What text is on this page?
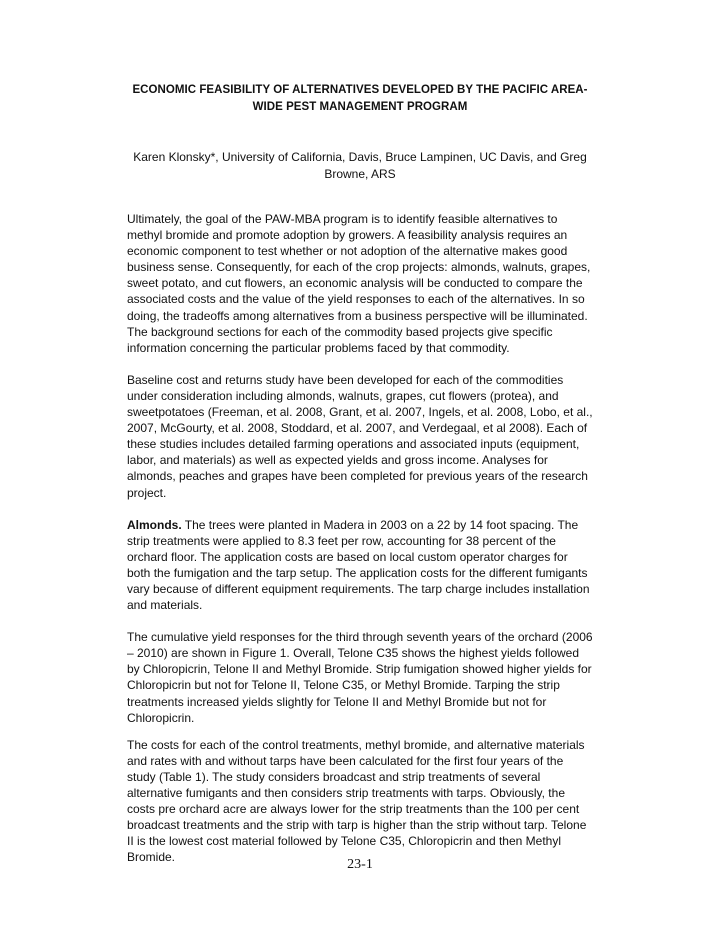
ECONOMIC FEASIBILITY OF ALTERNATIVES DEVELOPED BY THE PACIFIC AREA-WIDE PEST MANAGEMENT PROGRAM
Karen Klonsky*, University of California, Davis, Bruce Lampinen, UC Davis, and Greg Browne, ARS

Ultimately, the goal of the PAW-MBA program is to identify feasible alternatives to methyl bromide and promote adoption by growers. A feasibility analysis requires an economic component to test whether or not adoption of the alternative makes good business sense. Consequently, for each of the crop projects: almonds, walnuts, grapes, sweet potato, and cut flowers, an economic analysis will be conducted to compare the associated costs and the value of the yield responses to each of the alternatives. In so doing, the tradeoffs among alternatives from a business perspective will be illuminated. The background sections for each of the commodity based projects give specific information concerning the particular problems faced by that commodity.

Baseline cost and returns study have been developed for each of the commodities under consideration including almonds, walnuts, grapes, cut flowers (protea), and sweetpotatoes (Freeman, et al. 2008, Grant, et al. 2007, Ingels, et al. 2008, Lobo, et al., 2007, McGourty, et al. 2008, Stoddard, et al. 2007, and Verdegaal, et al 2008). Each of these studies includes detailed farming operations and associated inputs (equipment, labor, and materials) as well as expected yields and gross income. Analyses for almonds, peaches and grapes have been completed for previous years of the research project.

Almonds. The trees were planted in Madera in 2003 on a 22 by 14 foot spacing. The strip treatments were applied to 8.3 feet per row, accounting for 38 percent of the orchard floor. The application costs are based on local custom operator charges for both the fumigation and the tarp setup. The application costs for the different fumigants vary because of different equipment requirements. The tarp charge includes installation and materials.

The cumulative yield responses for the third through seventh years of the orchard (2006 – 2010) are shown in Figure 1. Overall, Telone C35 shows the highest yields followed by Chloropicrin, Telone II and Methyl Bromide. Strip fumigation showed higher yields for Chloropicrin but not for Telone II, Telone C35, or Methyl Bromide. Tarping the strip treatments increased yields slightly for Telone II and Methyl Bromide but not for Chloropicrin.

The costs for each of the control treatments, methyl bromide, and alternative materials and rates with and without tarps have been calculated for the first four years of the study (Table 1). The study considers broadcast and strip treatments of several alternative fumigants and then considers strip treatments with tarps. Obviously, the costs pre orchard acre are always lower for the strip treatments than the 100 per cent broadcast treatments and the strip with tarp is higher than the strip without tarp. Telone II is the lowest cost material followed by Telone C35, Chloropicrin and then Methyl Bromide.	23-1
